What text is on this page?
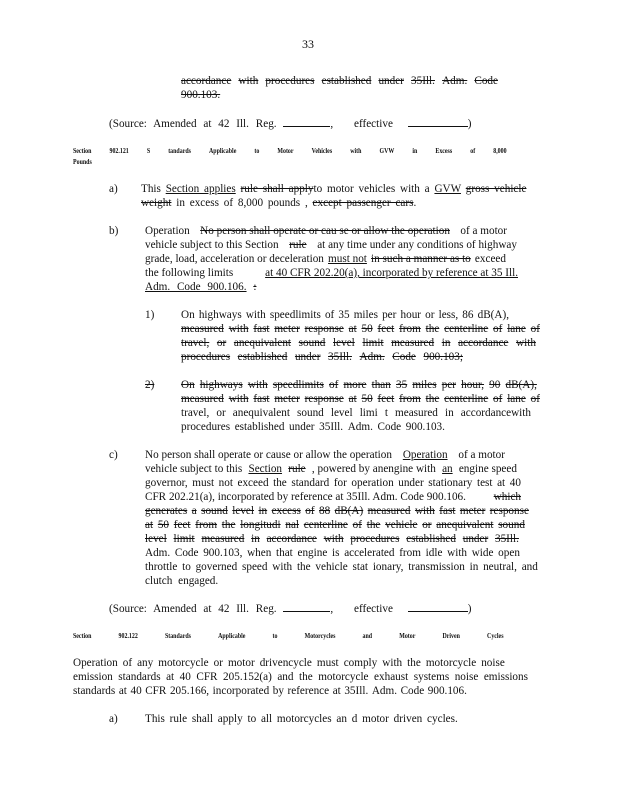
33
accordance with procedures established under 35Ill. Adm. Code
900.103.
(Source: Amended at 42 Ill. Reg.	, effective	)
Section 902.121 S tandards Applicable to Motor Vehicles with GVW in Excess of 8,000
Pounds
a) This Section applies rule shall applyto motor vehicles with a GVW gross vehicle
weight in excess of 8,000 pounds , except passenger cars.
b) Operation No person shall operate or cau se or allow the operation of a motor
vehicle subject to this Section rule at any time under any conditions of highway
grade, load, acceleration or deceleration must not in such a manner as to exceed
the following limits	at 40 CFR 202.20(a), incorporated by reference at 35 Ill.
Adm. Code 900.106. :
1) On highways with speedlimits of 35 miles per hour or less, 86 dB(A),
measured with fast meter response at 50 feet from the centerline of lane of
travel, or anequivalent sound level limit measured in accordance with
procedures established under 35Ill. Adm. Code 900.103;
2) On highways with speedlimits of more than 35 miles per hour, 90 dB(A),
measured with fast meter response at 50 feet from the centerline of lane of
travel, or anequivalent sound level limi t measured in accordancewith
procedures established under 35Ill. Adm. Code 900.103.
c) No person shall operate or cause or allow the operation Operation of a motor
vehicle subject to this Section rule , powered by anengine with an engine speed
governor, must not exceed the standard for operation under stationary test at 40
CFR 202.21(a), incorporated by reference at 35Ill. Adm. Code 900.106. which
generates a sound level in excess of 88 dB(A) measured with fast meter response
at 50 feet from the longitudi nal centerline of the vehicle or anequivalent sound
level limit measured in accordance with procedures established under 35Ill.
Adm. Code 900.103, when that engine is accelerated from idle with wide open
throttle to governed speed with the vehicle stat ionary, transmission in neutral, and
clutch engaged.
(Source: Amended at 42 Ill. Reg.	, effective	)
Section	902.122	Standards	Applicable	to	Motorcycles	and	Motor	Driven	Cycles
Operation of any motorcycle or motor drivencycle must comply with the motorcycle noise
emission standards at 40 CFR 205.152(a) and the motorcycle exhaust systems noise emissions
standards at 40 CFR 205.166, incorporated by reference at 35Ill. Adm. Code 900.106.
a) This rule shall apply to all motorcycles an d motor driven cycles.
